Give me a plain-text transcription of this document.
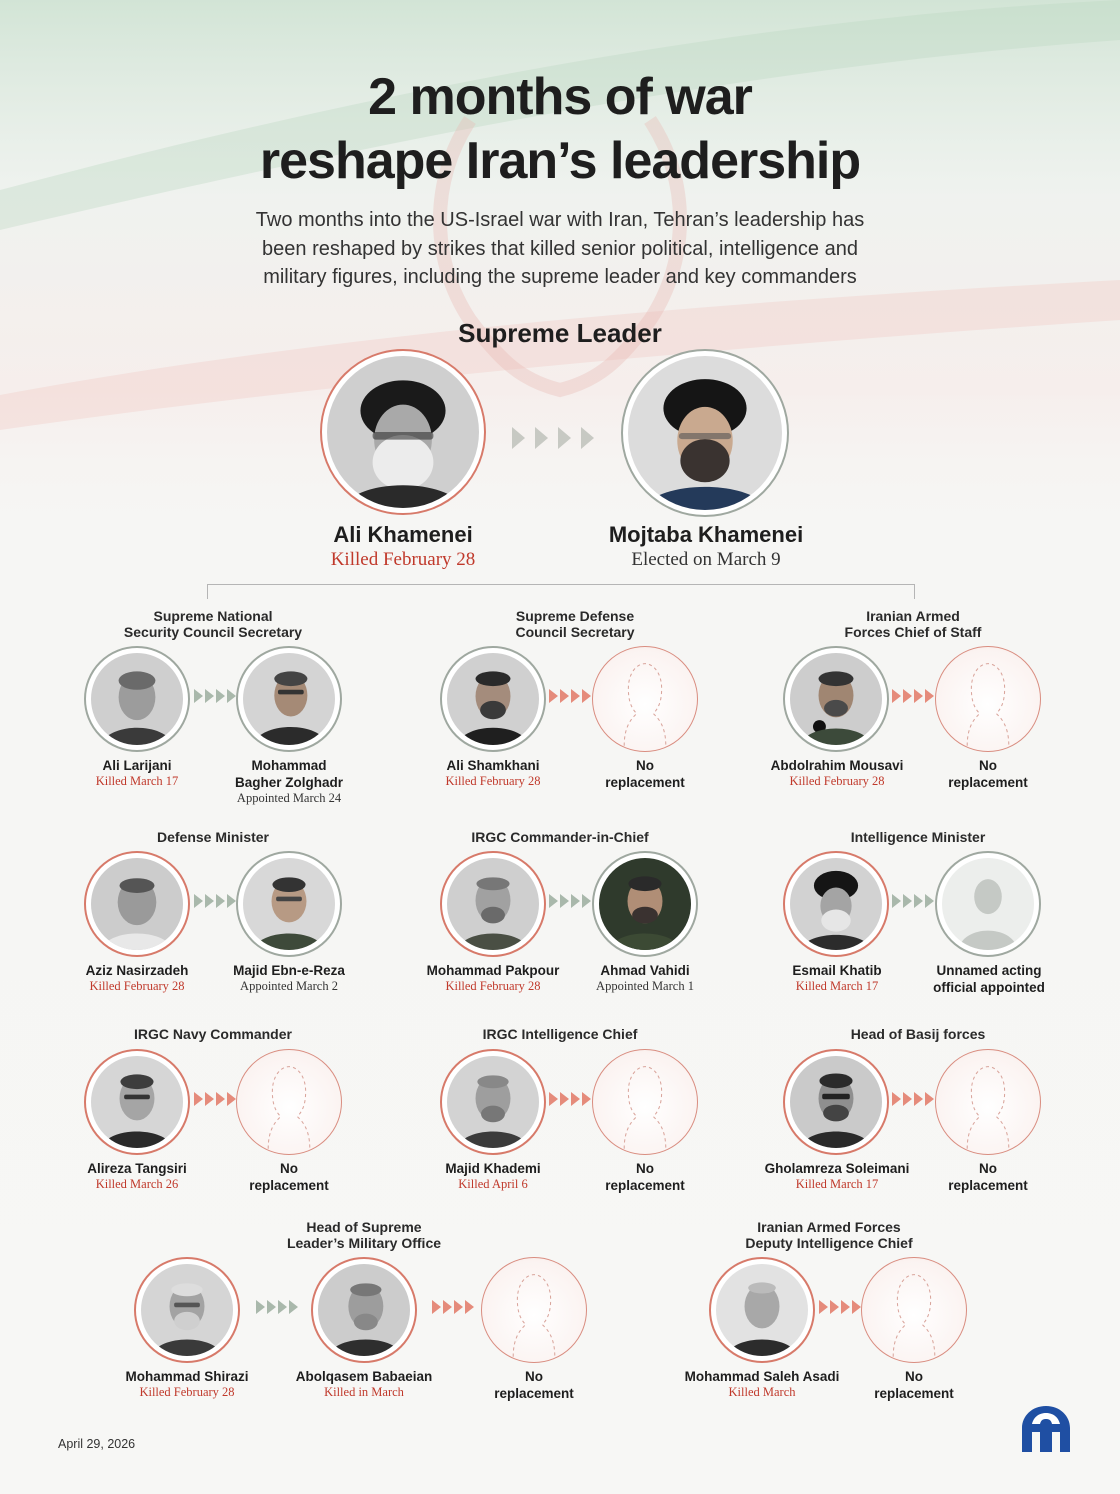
2 months of war
reshape Iran’s leadership
Two months into the US-Israel war with Iran, Tehran’s leadership has
been reshaped by strikes that killed senior political, intelligence and
military figures, including the supreme leader and key commanders
Supreme Leader
Ali Khamenei
Killed February 28
Mojtaba Khamenei
Elected on March 9
Supreme National
Security Council Secretary
Ali Larijani
Killed March 17
Mohammad
Bagher Zolghadr
Appointed March 24
Supreme Defense
Council Secretary
Ali Shamkhani
Killed February 28
No
replacement
Iranian Armed
Forces Chief of Staff
Abdolrahim Mousavi
Killed February 28
No
replacement
Defense Minister
Aziz Nasirzadeh
Killed February 28
Majid Ebn-e-Reza
Appointed March 2
IRGC Commander-in-Chief
Mohammad Pakpour
Killed February 28
Ahmad Vahidi
Appointed March 1
Intelligence Minister
Esmail Khatib
Killed March 17
Unnamed acting
official appointed
IRGC Navy Commander
Alireza Tangsiri
Killed March 26
No
replacement
IRGC Intelligence Chief
Majid Khademi
Killed April 6
No
replacement
Head of Basij forces
Gholamreza Soleimani
Killed March 17
No
replacement
Head of Supreme
Leader’s Military Office
Mohammad Shirazi
Killed February 28
Abolqasem Babaeian
Killed in March
No
replacement
Iranian Armed Forces
Deputy Intelligence Chief
Mohammad Saleh Asadi
Killed March
No
replacement
April 29, 2026
